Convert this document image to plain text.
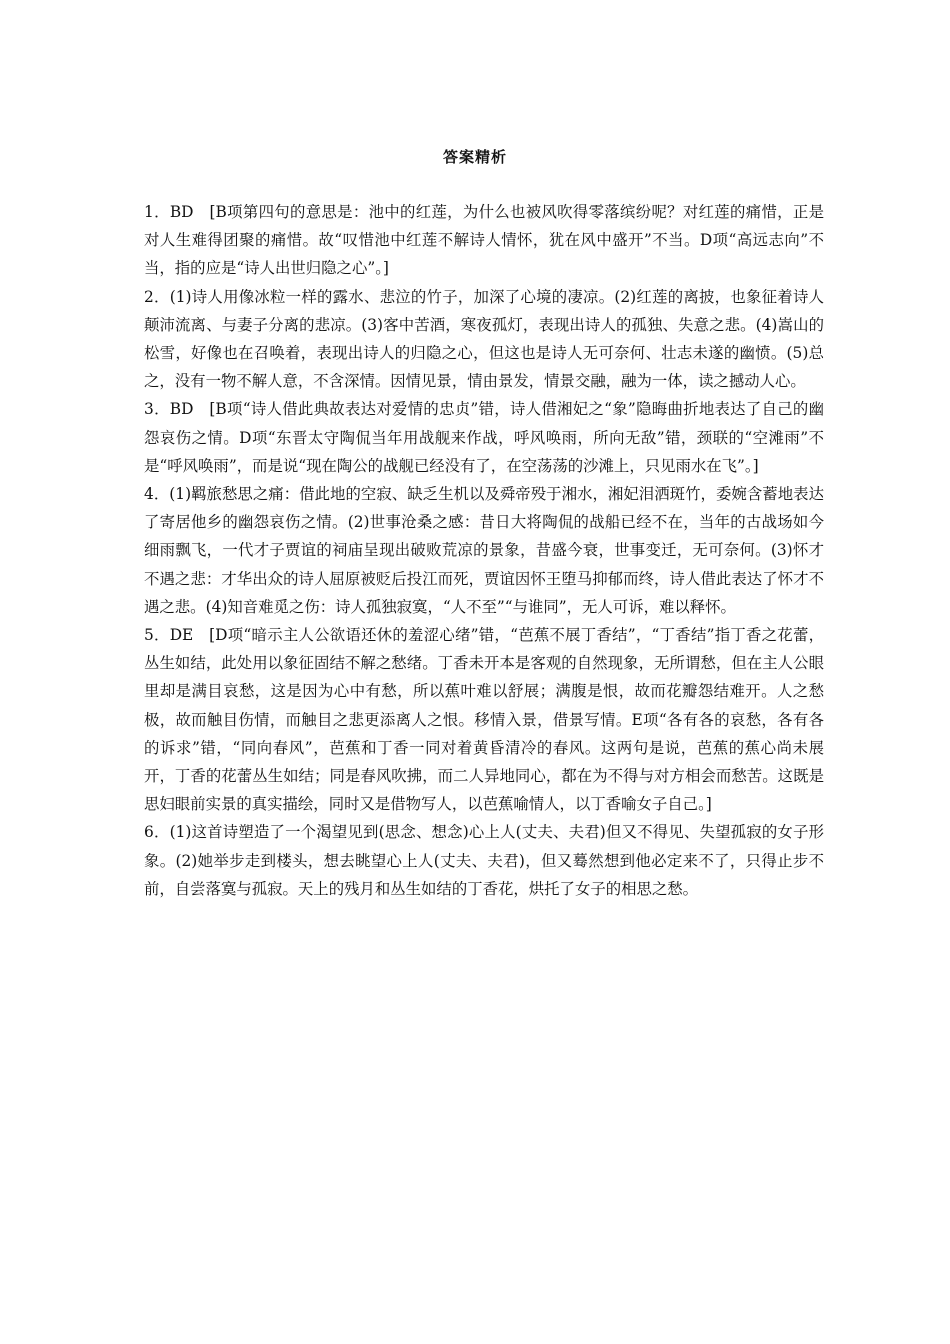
答案精析

1．BD　[B项第四句的意思是：池中的红莲，为什么也被风吹得零落缤纷呢？对红莲的痛惜，正是对人生难得团聚的痛惜。故“叹惜池中红莲不解诗人情怀，犹在风中盛开”不当。D项“高远志向”不当，指的应是“诗人出世归隐之心”。]

2．(1)诗人用像冰粒一样的露水、悲泣的竹子，加深了心境的凄凉。(2)红莲的离披，也象征着诗人颠沛流离、与妻子分离的悲凉。(3)客中苦酒，寒夜孤灯，表现出诗人的孤独、失意之悲。(4)嵩山的松雪，好像也在召唤着，表现出诗人的归隐之心，但这也是诗人无可奈何、壮志未遂的幽愤。(5)总之，没有一物不解人意，不含深情。因情见景，情由景发，情景交融，融为一体，读之撼动人心。

3．BD　[B项“诗人借此典故表达对爱情的忠贞”错，诗人借湘妃之“象”隐晦曲折地表达了自己的幽怨哀伤之情。D项“东晋太守陶侃当年用战舰来作战，呼风唤雨，所向无敌”错，颈联的“空滩雨”不是“呼风唤雨”，而是说“现在陶公的战舰已经没有了，在空荡荡的沙滩上，只见雨水在飞”。]

4．(1)羁旅愁思之痛：借此地的空寂、缺乏生机以及舜帝殁于湘水，湘妃泪洒斑竹，委婉含蓄地表达了寄居他乡的幽怨哀伤之情。(2)世事沧桑之感：昔日大将陶侃的战船已经不在，当年的古战场如今细雨飘飞，一代才子贾谊的祠庙呈现出破败荒凉的景象，昔盛今衰，世事变迁，无可奈何。(3)怀才不遇之悲：才华出众的诗人屈原被贬后投江而死，贾谊因怀王堕马抑郁而终，诗人借此表达了怀才不遇之悲。(4)知音难觅之伤：诗人孤独寂寞，“人不至”“与谁同”，无人可诉，难以释怀。

5．DE　[D项“暗示主人公欲语还休的羞涩心绪”错，“芭蕉不展丁香结”，“丁香结”指丁香之花蕾，丛生如结，此处用以象征固结不解之愁绪。丁香未开本是客观的自然现象，无所谓愁，但在主人公眼里却是满目哀愁，这是因为心中有愁，所以蕉叶难以舒展；满腹是恨，故而花瓣怨结难开。人之愁极，故而触目伤情，而触目之悲更添离人之恨。移情入景，借景写情。E项“各有各的哀愁，各有各的诉求”错，“同向春风”，芭蕉和丁香一同对着黄昏清冷的春风。这两句是说，芭蕉的蕉心尚未展开，丁香的花蕾丛生如结；同是春风吹拂，而二人异地同心，都在为不得与对方相会而愁苦。这既是思妇眼前实景的真实描绘，同时又是借物写人，以芭蕉喻情人，以丁香喻女子自己。]

6．(1)这首诗塑造了一个渴望见到(思念、想念)心上人(丈夫、夫君)但又不得见、失望孤寂的女子形象。(2)她举步走到楼头，想去眺望心上人(丈夫、夫君)，但又蓦然想到他必定来不了，只得止步不前，自尝落寞与孤寂。天上的残月和丛生如结的丁香花，烘托了女子的相思之愁。
